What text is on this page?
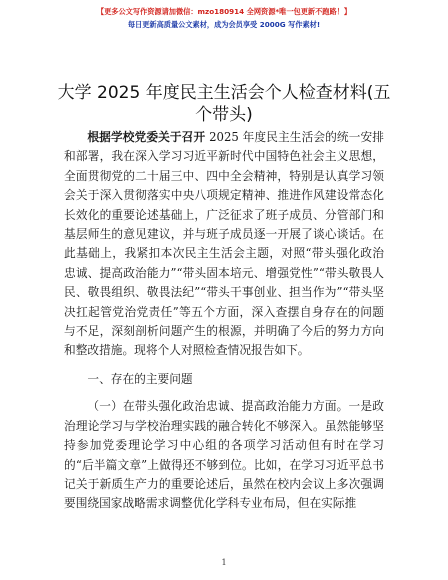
【更多公文写作资源请加微信：mzo180914 全网资源*唯一包更新不跑路！】
每日更新高质量公文素材，成为会员享受 2000G 写作素材!
大学 2025 年度民主生活会个人检查材料(五个带头)

根据学校党委关于召开 2025 年度民主生活会的统一安排和部署，我在深入学习习近平新时代中国特色社会主义思想，全面贯彻党的二十届三中、四中全会精神，特别是认真学习领会关于深入贯彻落实中央八项规定精神、推进作风建设常态化长效化的重要论述基础上，广泛征求了班子成员、分管部门和基层师生的意见建议，并与班子成员逐一开展了谈心谈话。在此基础上，我紧扣本次民主生活会主题，对照“带头强化政治忠诚、提高政治能力”“带头固本培元、增强党性”“带头敬畏人民、敬畏组织、敬畏法纪”“带头干事创业、担当作为”“带头坚决扛起管党治党责任”等五个方面，深入查摆自身存在的问题与不足，深刻剖析问题产生的根源，并明确了今后的努力方向和整改措施。现将个人对照检查情况报告如下。

一、存在的主要问题

（一）在带头强化政治忠诚、提高政治能力方面。一是政治理论学习与学校治理实践的融合转化不够深入。虽然能够坚持参加党委理论学习中心组的各项学习活动但有时在学习的“后半篇文章”上做得还不够到位。比如，在学习习近平总书记关于新质生产力的重要论述后，虽然在校内会议上多次强调要围绕国家战略需求调整优化学科专业布局，但在实际推

1
